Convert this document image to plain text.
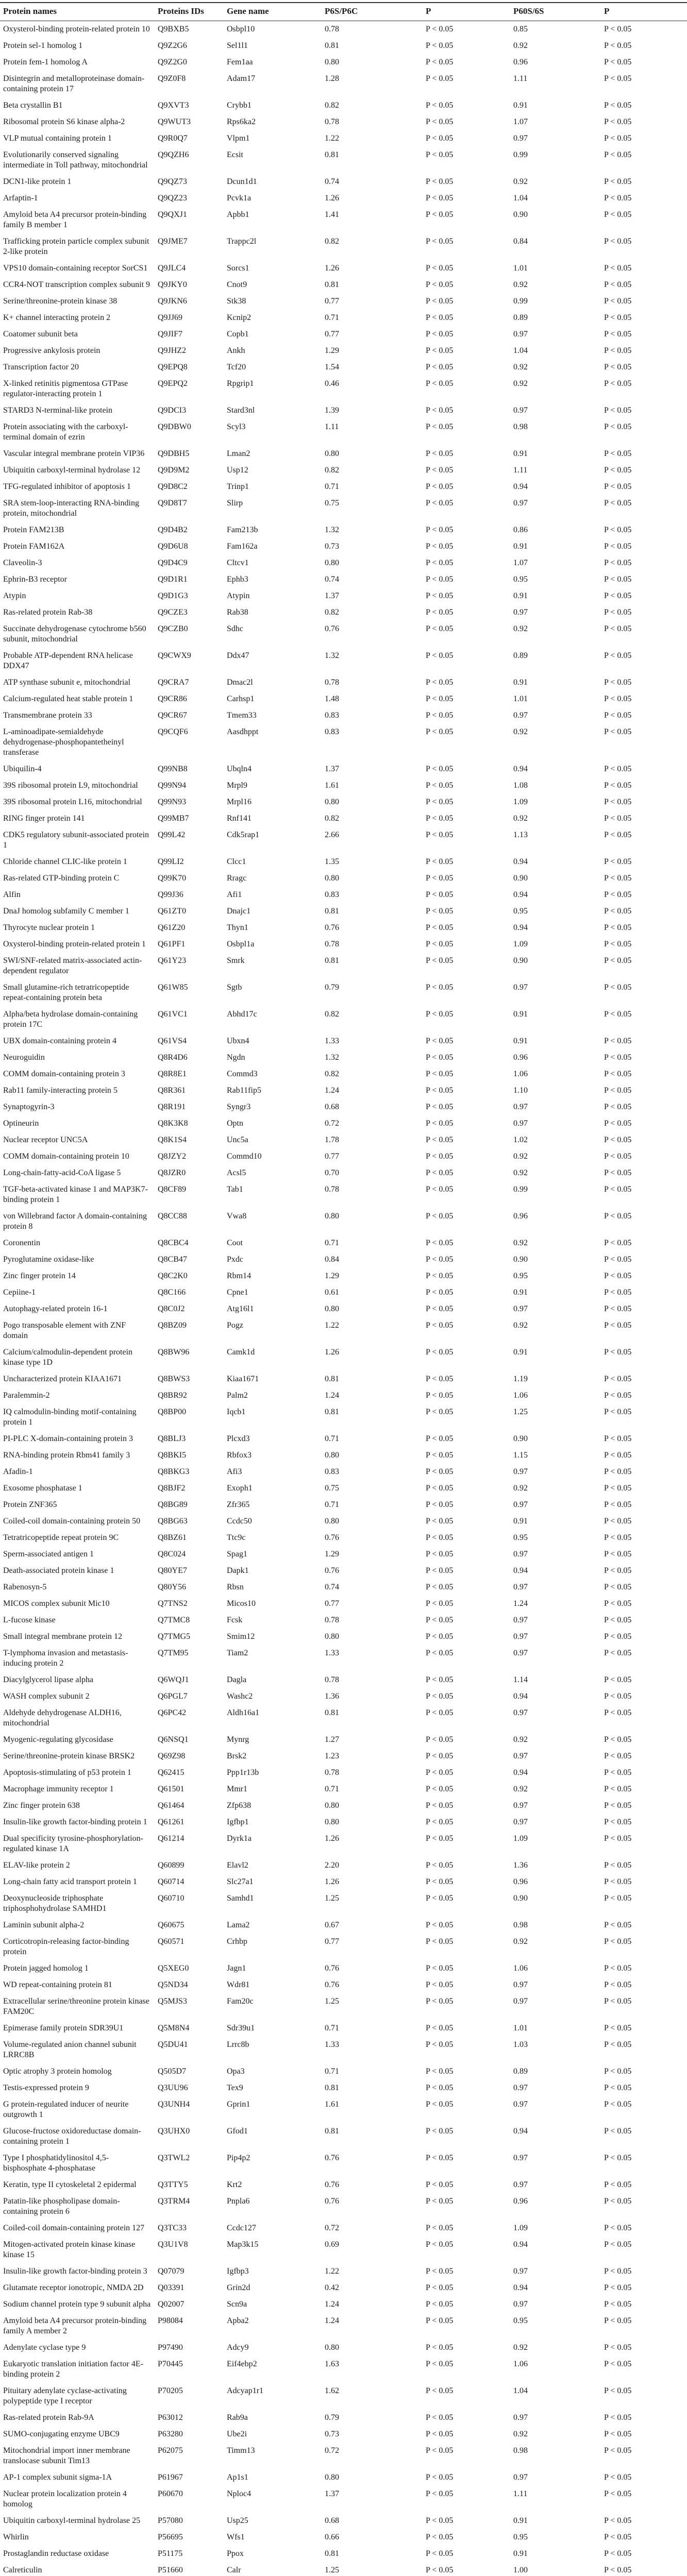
Protein names	Proteins IDs	Gene name	P6S/P6C	P	P60S/6S	P
Oxysterol-binding protein-related protein 10	Q9BXB5	Osbpl10	0.78	P < 0.05	0.85	P < 0.05
Protein sel-1 homolog 1	Q9Z2G6	Sel1l1	0.81	P < 0.05	0.92	P < 0.05
Protein fem-1 homolog A	Q9Z2G0	Fem1aa	0.80	P < 0.05	0.96	P < 0.05
Disintegrin and metalloproteinase domain-containing protein 17	Q9Z0F8	Adam17	1.28	P < 0.05	1.11	P < 0.05
Beta crystallin B1	Q9XVT3	Crybb1	0.82	P < 0.05	0.91	P < 0.05
Ribosomal protein S6 kinase alpha-2	Q9WUT3	Rps6ka2	0.78	P < 0.05	1.07	P < 0.05
VLP mutual containing protein 1	Q9R0Q7	Vlpm1	1.22	P < 0.05	0.97	P < 0.05
Evolutionarily conserved signaling intermediate in Toll pathway, mitochondrial	Q9QZH6	Ecsit	0.81	P < 0.05	0.99	P < 0.05
DCN1-like protein 1	Q9QZ73	Dcun1d1	0.74	P < 0.05	0.92	P < 0.05
Arfaptin-1	Q9QZ23	Pcvk1a	1.26	P < 0.05	1.04	P < 0.05
Amyloid beta A4 precursor protein-binding family B member 1	Q9QXJ1	Apbb1	1.41	P < 0.05	0.90	P < 0.05
Trafficking protein particle complex subunit 2-like protein	Q9JME7	Trappc2l	0.82	P < 0.05	0.84	P < 0.05
VPS10 domain-containing receptor SorCS1	Q9JLC4	Sorcs1	1.26	P < 0.05	1.01	P < 0.05
CCR4-NOT transcription complex subunit 9	Q9JKY0	Cnot9	0.81	P < 0.05	0.92	P < 0.05
Serine/threonine-protein kinase 38	Q9JKN6	Stk38	0.77	P < 0.05	0.99	P < 0.05
K+ channel interacting protein 2	Q9JJ69	Kcnip2	0.71	P < 0.05	0.89	P < 0.05
Coatomer subunit beta	Q9JIF7	Copb1	0.77	P < 0.05	0.97	P < 0.05
Progressive ankylosis protein	Q9JHZ2	Ankh	1.29	P < 0.05	1.04	P < 0.05
Transcription factor 20	Q9EPQ8	Tcf20	1.54	P < 0.05	0.92	P < 0.05
X-linked retinitis pigmentosa GTPase regulator-interacting protein 1	Q9EPQ2	Rpgrip1	0.46	P < 0.05	0.92	P < 0.05
STARD3 N-terminal-like protein	Q9DCI3	Stard3nl	1.39	P < 0.05	0.97	P < 0.05
Protein associating with the carboxyl-terminal domain of ezrin	Q9DBW0	Scyl3	1.11	P < 0.05	0.98	P < 0.05
Vascular integral membrane protein VIP36	Q9DBH5	Lman2	0.80	P < 0.05	0.91	P < 0.05
Ubiquitin carboxyl-terminal hydrolase 12	Q9D9M2	Usp12	0.82	P < 0.05	1.11	P < 0.05
TFG-regulated inhibitor of apoptosis 1	Q9D8C2	Trinp1	0.71	P < 0.05	0.94	P < 0.05
SRA stem-loop-interacting RNA-binding protein, mitochondrial	Q9D8T7	Slirp	0.75	P < 0.05	0.97	P < 0.05
Protein FAM213B	Q9D4B2	Fam213b	1.32	P < 0.05	0.86	P < 0.05
Protein FAM162A	Q9D6U8	Fam162a	0.73	P < 0.05	0.91	P < 0.05
Claveolin-3	Q9D4C9	Cltcv1	0.80	P < 0.05	1.07	P < 0.05
Ephrin-B3 receptor	Q9D1R1	Ephb3	0.74	P < 0.05	0.95	P < 0.05
Atypin	Q9D1G3	Atypin	1.37	P < 0.05	0.91	P < 0.05
Ras-related protein Rab-38	Q9CZE3	Rab38	0.82	P < 0.05	0.97	P < 0.05
Succinate dehydrogenase cytochrome b560 subunit, mitochondrial	Q9CZB0	Sdhc	0.76	P < 0.05	0.92	P < 0.05
Probable ATP-dependent RNA helicase DDX47	Q9CWX9	Ddx47	1.32	P < 0.05	0.89	P < 0.05
ATP synthase subunit e, mitochondrial	Q9CRA7	Dmac2l	0.78	P < 0.05	0.91	P < 0.05
Calcium-regulated heat stable protein 1	Q9CR86	Carhsp1	1.48	P < 0.05	1.01	P < 0.05
Transmembrane protein 33	Q9CR67	Tmem33	0.83	P < 0.05	0.97	P < 0.05
L-aminoadipate-semialdehyde dehydrogenase-phosphopantetheinyl transferase	Q9CQF6	Aasdhppt	0.83	P < 0.05	0.92	P < 0.05
Ubiquilin-4	Q99NB8	Ubqln4	1.37	P < 0.05	0.94	P < 0.05
39S ribosomal protein L9, mitochondrial	Q99N94	Mrpl9	1.61	P < 0.05	1.08	P < 0.05
39S ribosomal protein L16, mitochondrial	Q99N93	Mrpl16	0.80	P < 0.05	1.09	P < 0.05
RING finger protein 141	Q99MB7	Rnf141	0.82	P < 0.05	0.92	P < 0.05
CDK5 regulatory subunit-associated protein 1	Q99L42	Cdk5rap1	2.66	P < 0.05	1.13	P < 0.05
Chloride channel CLIC-like protein 1	Q99LI2	Clcc1	1.35	P < 0.05	0.94	P < 0.05
Ras-related GTP-binding protein C	Q99K70	Rragc	0.80	P < 0.05	0.90	P < 0.05
Alfin	Q99J36	Afi1	0.83	P < 0.05	0.94	P < 0.05
DnaJ homolog subfamily C member 1	Q61ZT0	Dnajc1	0.81	P < 0.05	0.95	P < 0.05
Thyrocyte nuclear protein 1	Q61Z20	Thyn1	0.76	P < 0.05	0.94	P < 0.05
Oxysterol-binding protein-related protein 1	Q61PF1	Osbpl1a	0.78	P < 0.05	1.09	P < 0.05
SWI/SNF-related matrix-associated actin-dependent regulator	Q61Y23	Smrk	0.81	P < 0.05	0.90	P < 0.05
Small glutamine-rich tetratricopeptide repeat-containing protein beta	Q61W85	Sgtb	0.79	P < 0.05	0.97	P < 0.05
Alpha/beta hydrolase domain-containing protein 17C	Q61VC1	Abhd17c	0.82	P < 0.05	0.91	P < 0.05
UBX domain-containing protein 4	Q61VS4	Ubxn4	1.33	P < 0.05	0.91	P < 0.05
Neuroguidin	Q8R4D6	Ngdn	1.32	P < 0.05	0.96	P < 0.05
COMM domain-containing protein 3	Q8R8E1	Commd3	0.82	P < 0.05	1.06	P < 0.05
Rab11 family-interacting protein 5	Q8R361	Rab11fip5	1.24	P < 0.05	1.10	P < 0.05
Synaptogyrin-3	Q8R191	Syngr3	0.68	P < 0.05	0.97	P < 0.05
Optineurin	Q8K3K8	Optn	0.72	P < 0.05	0.97	P < 0.05
Nuclear receptor UNC5A	Q8K1S4	Unc5a	1.78	P < 0.05	1.02	P < 0.05
COMM domain-containing protein 10	Q8JZY2	Commd10	0.77	P < 0.05	0.92	P < 0.05
Long-chain-fatty-acid-CoA ligase 5	Q8JZR0	Acsl5	0.70	P < 0.05	0.92	P < 0.05
TGF-beta-activated kinase 1 and MAP3K7-binding protein 1	Q8CF89	Tab1	0.78	P < 0.05	0.99	P < 0.05
von Willebrand factor A domain-containing protein 8	Q8CC88	Vwa8	0.80	P < 0.05	0.96	P < 0.05
Coronentin	Q8CBC4	Coot	0.71	P < 0.05	0.92	P < 0.05
Pyroglutamine oxidase-like	Q8CB47	Pxdc	0.84	P < 0.05	0.90	P < 0.05
Zinc finger protein 14	Q8C2K0	Rbm14	1.29	P < 0.05	0.95	P < 0.05
Cepiine-1	Q8C166	Cpne1	0.61	P < 0.05	0.91	P < 0.05
Autophagy-related protein 16-1	Q8C0J2	Atg16l1	0.80	P < 0.05	0.97	P < 0.05
Pogo transposable element with ZNF domain	Q8BZ09	Pogz	1.22	P < 0.05	0.92	P < 0.05
Calcium/calmodulin-dependent protein kinase type 1D	Q8BW96	Camk1d	1.26	P < 0.05	0.91	P < 0.05
Uncharacterized protein KIAA1671	Q8BWS3	Kiaa1671	0.81	P < 0.05	1.19	P < 0.05
Paralemmin-2	Q8BR92	Palm2	1.24	P < 0.05	1.06	P < 0.05
IQ calmodulin-binding motif-containing protein 1	Q8BP00	Iqcb1	0.81	P < 0.05	1.25	P < 0.05
PI-PLC X-domain-containing protein 3	Q8BLJ3	Plcxd3	0.71	P < 0.05	0.90	P < 0.05
RNA-binding protein Rbm41 family 3	Q8BKI5	Rbfox3	0.80	P < 0.05	1.15	P < 0.05
Afadin-1	Q8BKG3	Afi3	0.83	P < 0.05	0.97	P < 0.05
Exosome phosphatase 1	Q8BJF2	Exoph1	0.75	P < 0.05	0.92	P < 0.05
Protein ZNF365	Q8BG89	Zfr365	0.71	P < 0.05	0.97	P < 0.05
Coiled-coil domain-containing protein 50	Q8BG63	Ccdc50	0.80	P < 0.05	0.91	P < 0.05
Tetratricopeptide repeat protein 9C	Q8BZ61	Ttc9c	0.76	P < 0.05	0.95	P < 0.05
Sperm-associated antigen 1	Q8C024	Spag1	1.29	P < 0.05	0.97	P < 0.05
Death-associated protein kinase 1	Q80YE7	Dapk1	0.76	P < 0.05	0.94	P < 0.05
Rabenosyn-5	Q80Y56	Rbsn	0.74	P < 0.05	0.97	P < 0.05
MICOS complex subunit Mic10	Q7TNS2	Micos10	0.77	P < 0.05	1.24	P < 0.05
L-fucose kinase	Q7TMC8	Fcsk	0.78	P < 0.05	0.97	P < 0.05
Small integral membrane protein 12	Q7TMG5	Smim12	0.80	P < 0.05	0.97	P < 0.05
T-lymphoma invasion and metastasis-inducing protein 2	Q7TM95	Tiam2	1.33	P < 0.05	0.97	P < 0.05
Diacylglycerol lipase alpha	Q6WQJ1	Dagla	0.78	P < 0.05	1.14	P < 0.05
WASH complex subunit 2	Q6PGL7	Washc2	1.36	P < 0.05	0.94	P < 0.05
Aldehyde dehydrogenase ALDH16, mitochondrial	Q6PC42	Aldh16a1	0.81	P < 0.05	0.97	P < 0.05
Myogenic-regulating glycosidase	Q6NSQ1	Mynrg	1.27	P < 0.05	0.92	P < 0.05
Serine/threonine-protein kinase BRSK2	Q69Z98	Brsk2	1.23	P < 0.05	0.97	P < 0.05
Apoptosis-stimulating of p53 protein 1	Q62415	Ppp1r13b	0.78	P < 0.05	0.94	P < 0.05
Macrophage immunity receptor 1	Q61501	Mmr1	0.71	P < 0.05	0.92	P < 0.05
Zinc finger protein 638	Q61464	Zfp638	0.80	P < 0.05	0.97	P < 0.05
Insulin-like growth factor-binding protein 1	Q61261	Igfbp1	0.80	P < 0.05	0.97	P < 0.05
Dual specificity tyrosine-phosphorylation-regulated kinase 1A	Q61214	Dyrk1a	1.26	P < 0.05	1.09	P < 0.05
ELAV-like protein 2	Q60899	Elavl2	2.20	P < 0.05	1.36	P < 0.05
Long-chain fatty acid transport protein 1	Q60714	Slc27a1	1.26	P < 0.05	0.96	P < 0.05
Deoxynucleoside triphosphate triphosphohydrolase SAMHD1	Q60710	Samhd1	1.25	P < 0.05	0.90	P < 0.05
Laminin subunit alpha-2	Q60675	Lama2	0.67	P < 0.05	0.98	P < 0.05
Corticotropin-releasing factor-binding protein	Q60571	Crhbp	0.77	P < 0.05	0.92	P < 0.05
Protein jagged homolog 1	Q5XEG0	Jagn1	0.76	P < 0.05	1.06	P < 0.05
WD repeat-containing protein 81	Q5ND34	Wdr81	0.76	P < 0.05	0.97	P < 0.05
Extracellular serine/threonine protein kinase FAM20C	Q5MJS3	Fam20c	1.25	P < 0.05	0.97	P < 0.05
Epimerase family protein SDR39U1	Q5M8N4	Sdr39u1	0.71	P < 0.05	1.01	P < 0.05
Volume-regulated anion channel subunit LRRC8B	Q5DU41	Lrrc8b	1.33	P < 0.05	1.03	P < 0.05
Optic atrophy 3 protein homolog	Q505D7	Opa3	0.71	P < 0.05	0.89	P < 0.05
Testis-expressed protein 9	Q3UU96	Tex9	0.81	P < 0.05	0.97	P < 0.05
G protein-regulated inducer of neurite outgrowth 1	Q3UNH4	Gprin1	1.61	P < 0.05	0.97	P < 0.05
Glucose-fructose oxidoreductase domain-containing protein 1	Q3UHX0	Gfod1	0.81	P < 0.05	0.94	P < 0.05
Type I phosphatidylinositol 4,5-bisphosphate 4-phosphatase	Q3TWL2	Pip4p2	0.76	P < 0.05	0.97	P < 0.05
Keratin, type II cytoskeletal 2 epidermal	Q3TTY5	Krt2	0.76	P < 0.05	0.97	P < 0.05
Patatin-like phospholipase domain-containing protein 6	Q3TRM4	Pnpla6	0.76	P < 0.05	0.96	P < 0.05
Coiled-coil domain-containing protein 127	Q3TC33	Ccdc127	0.72	P < 0.05	1.09	P < 0.05
Mitogen-activated protein kinase kinase kinase 15	Q3U1V8	Map3k15	0.69	P < 0.05	0.94	P < 0.05
Insulin-like growth factor-binding protein 3	Q07079	Igfbp3	1.22	P < 0.05	0.97	P < 0.05
Glutamate receptor ionotropic, NMDA 2D	Q03391	Grin2d	0.42	P < 0.05	0.94	P < 0.05
Sodium channel protein type 9 subunit alpha	Q02007	Scn9a	1.24	P < 0.05	0.97	P < 0.05
Amyloid beta A4 precursor protein-binding family A member 2	P98084	Apba2	1.24	P < 0.05	0.95	P < 0.05
Adenylate cyclase type 9	P97490	Adcy9	0.80	P < 0.05	0.92	P < 0.05
Eukaryotic translation initiation factor 4E-binding protein 2	P70445	Eif4ebp2	1.63	P < 0.05	1.06	P < 0.05
Pituitary adenylate cyclase-activating polypeptide type I receptor	P70205	Adcyap1r1	1.62	P < 0.05	1.04	P < 0.05
Ras-related protein Rab-9A	P63012	Rab9a	0.79	P < 0.05	0.97	P < 0.05
SUMO-conjugating enzyme UBC9	P63280	Ube2i	0.73	P < 0.05	0.92	P < 0.05
Mitochondrial import inner membrane translocase subunit Tim13	P62075	Timm13	0.72	P < 0.05	0.98	P < 0.05
AP-1 complex subunit sigma-1A	P61967	Ap1s1	0.80	P < 0.05	0.97	P < 0.05
Nuclear protein localization protein 4 homolog	P60670	Nploc4	1.37	P < 0.05	1.11	P < 0.05
Ubiquitin carboxyl-terminal hydrolase 25	P57080	Usp25	0.68	P < 0.05	0.91	P < 0.05
Whirlin	P56695	Wfs1	0.66	P < 0.05	0.95	P < 0.05
Prostaglandin reductase oxidase	P51175	Ppox	0.81	P < 0.05	0.91	P < 0.05
Calreticulin	P51660	Calr	1.25	P < 0.05	1.00	P < 0.05
